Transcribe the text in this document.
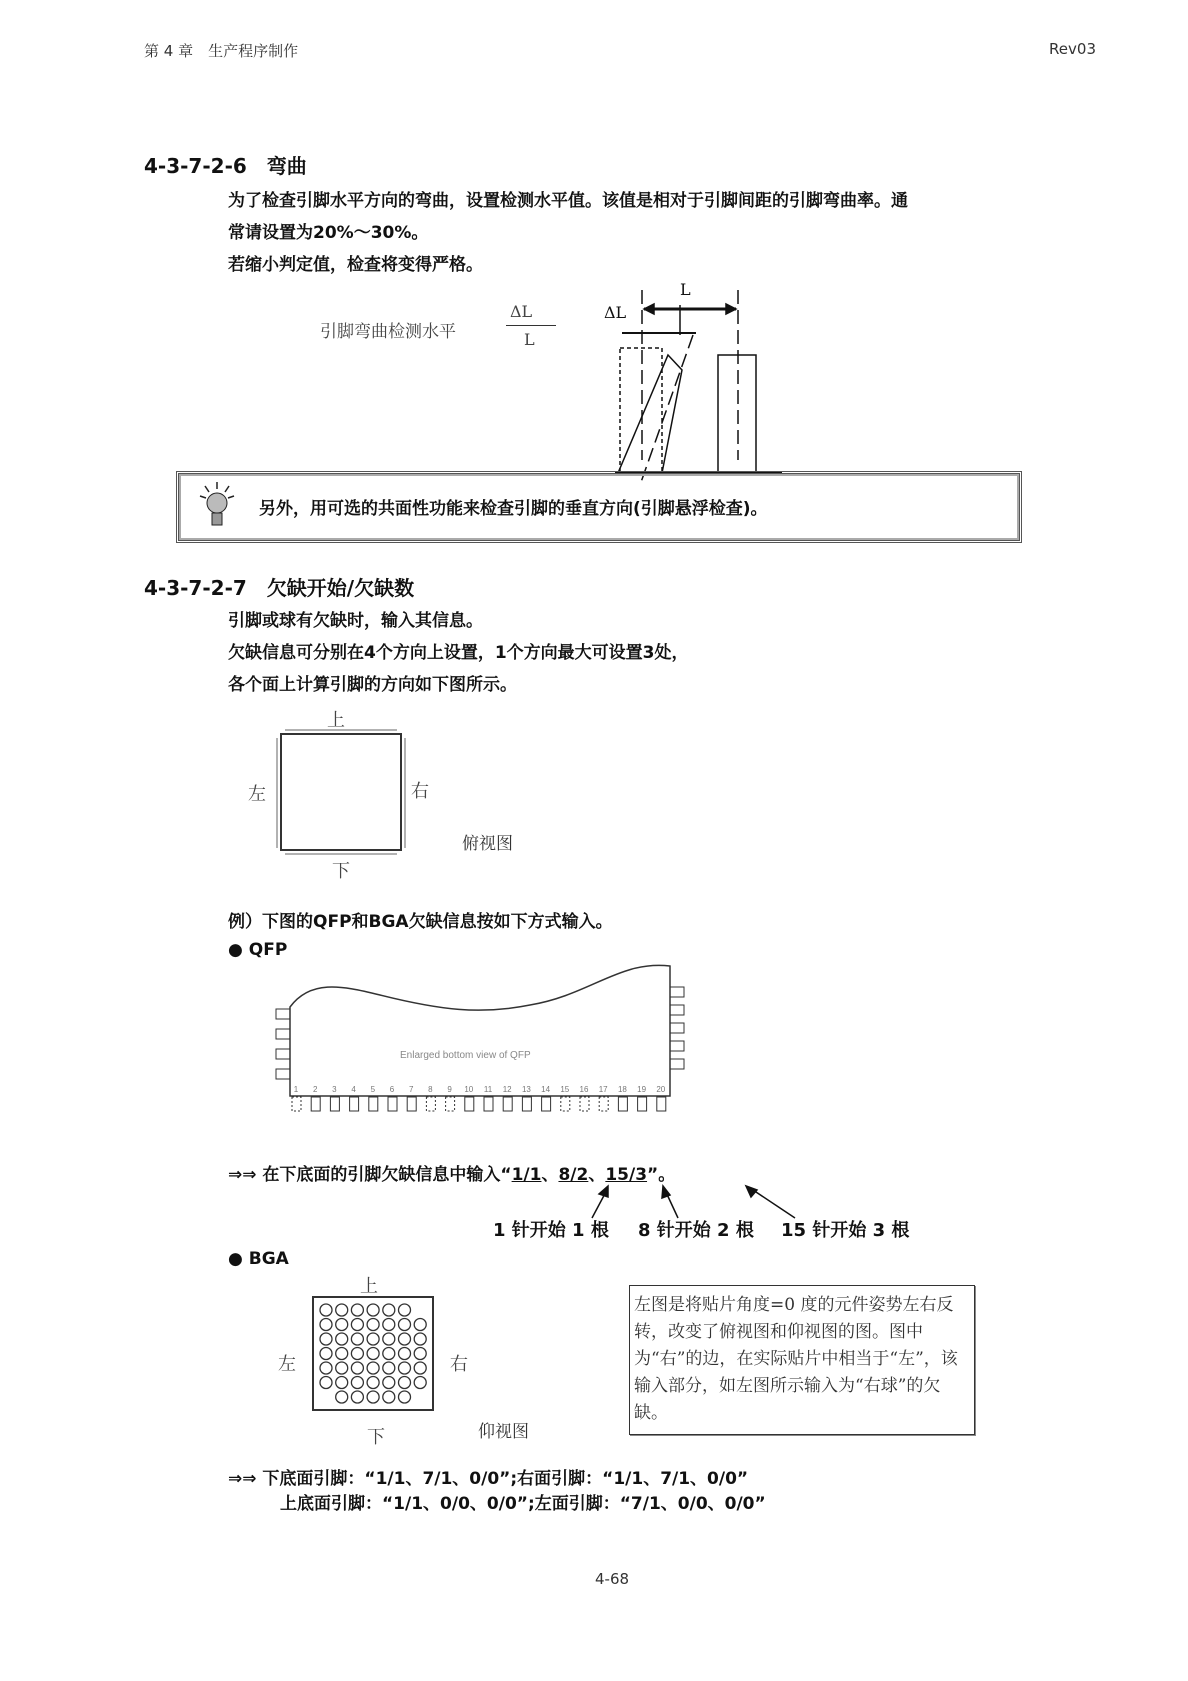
第 4 章　生产程序制作	Rev03
4-3-7-2-6　弯曲
为了检查引脚水平方向的弯曲，设置检测水平值。该值是相对于引脚间距的引脚弯曲率。通
常请设置为20%～30%。
若缩小判定值，检查将变得严格。
引脚弯曲检测水平
ΔL
L
L
ΔL
另外，用可选的共面性功能来检查引脚的垂直方向(引脚悬浮检查)。
4-3-7-2-7　欠缺开始/欠缺数
引脚或球有欠缺时，输入其信息。
欠缺信息可分别在4个方向上设置，1个方向最大可设置3处，
各个面上计算引脚的方向如下图所示。
上
左	右
下
俯视图
例）下图的QFP和BGA欠缺信息按如下方式输入。
● QFP
Enlarged bottom view of QFP
1 2 3 4 5 6 7 8 9 10 11 12 13 14 15 16 17 18 19 20
⇒⇒ 在下底面的引脚欠缺信息中输入“1/1、8/2、15/3”。
1 针开始 1 根 8 针开始 2 根 15 针开始 3 根
● BGA
上
左	右
下	仰视图
左图是将贴片角度=0 度的元件姿势左右反转，改变了俯视图和仰视图的图。图中为“右”的边，在实际贴片中相当于“左”，该输入部分，如左图所示输入为“右球”的欠缺。
⇒⇒ 下底面引脚：“1/1、7/1、0/0”;右面引脚：“1/1、7/1、0/0”
上底面引脚：“1/1、0/0、0/0”;左面引脚：“7/1、0/0、0/0”
4-68
